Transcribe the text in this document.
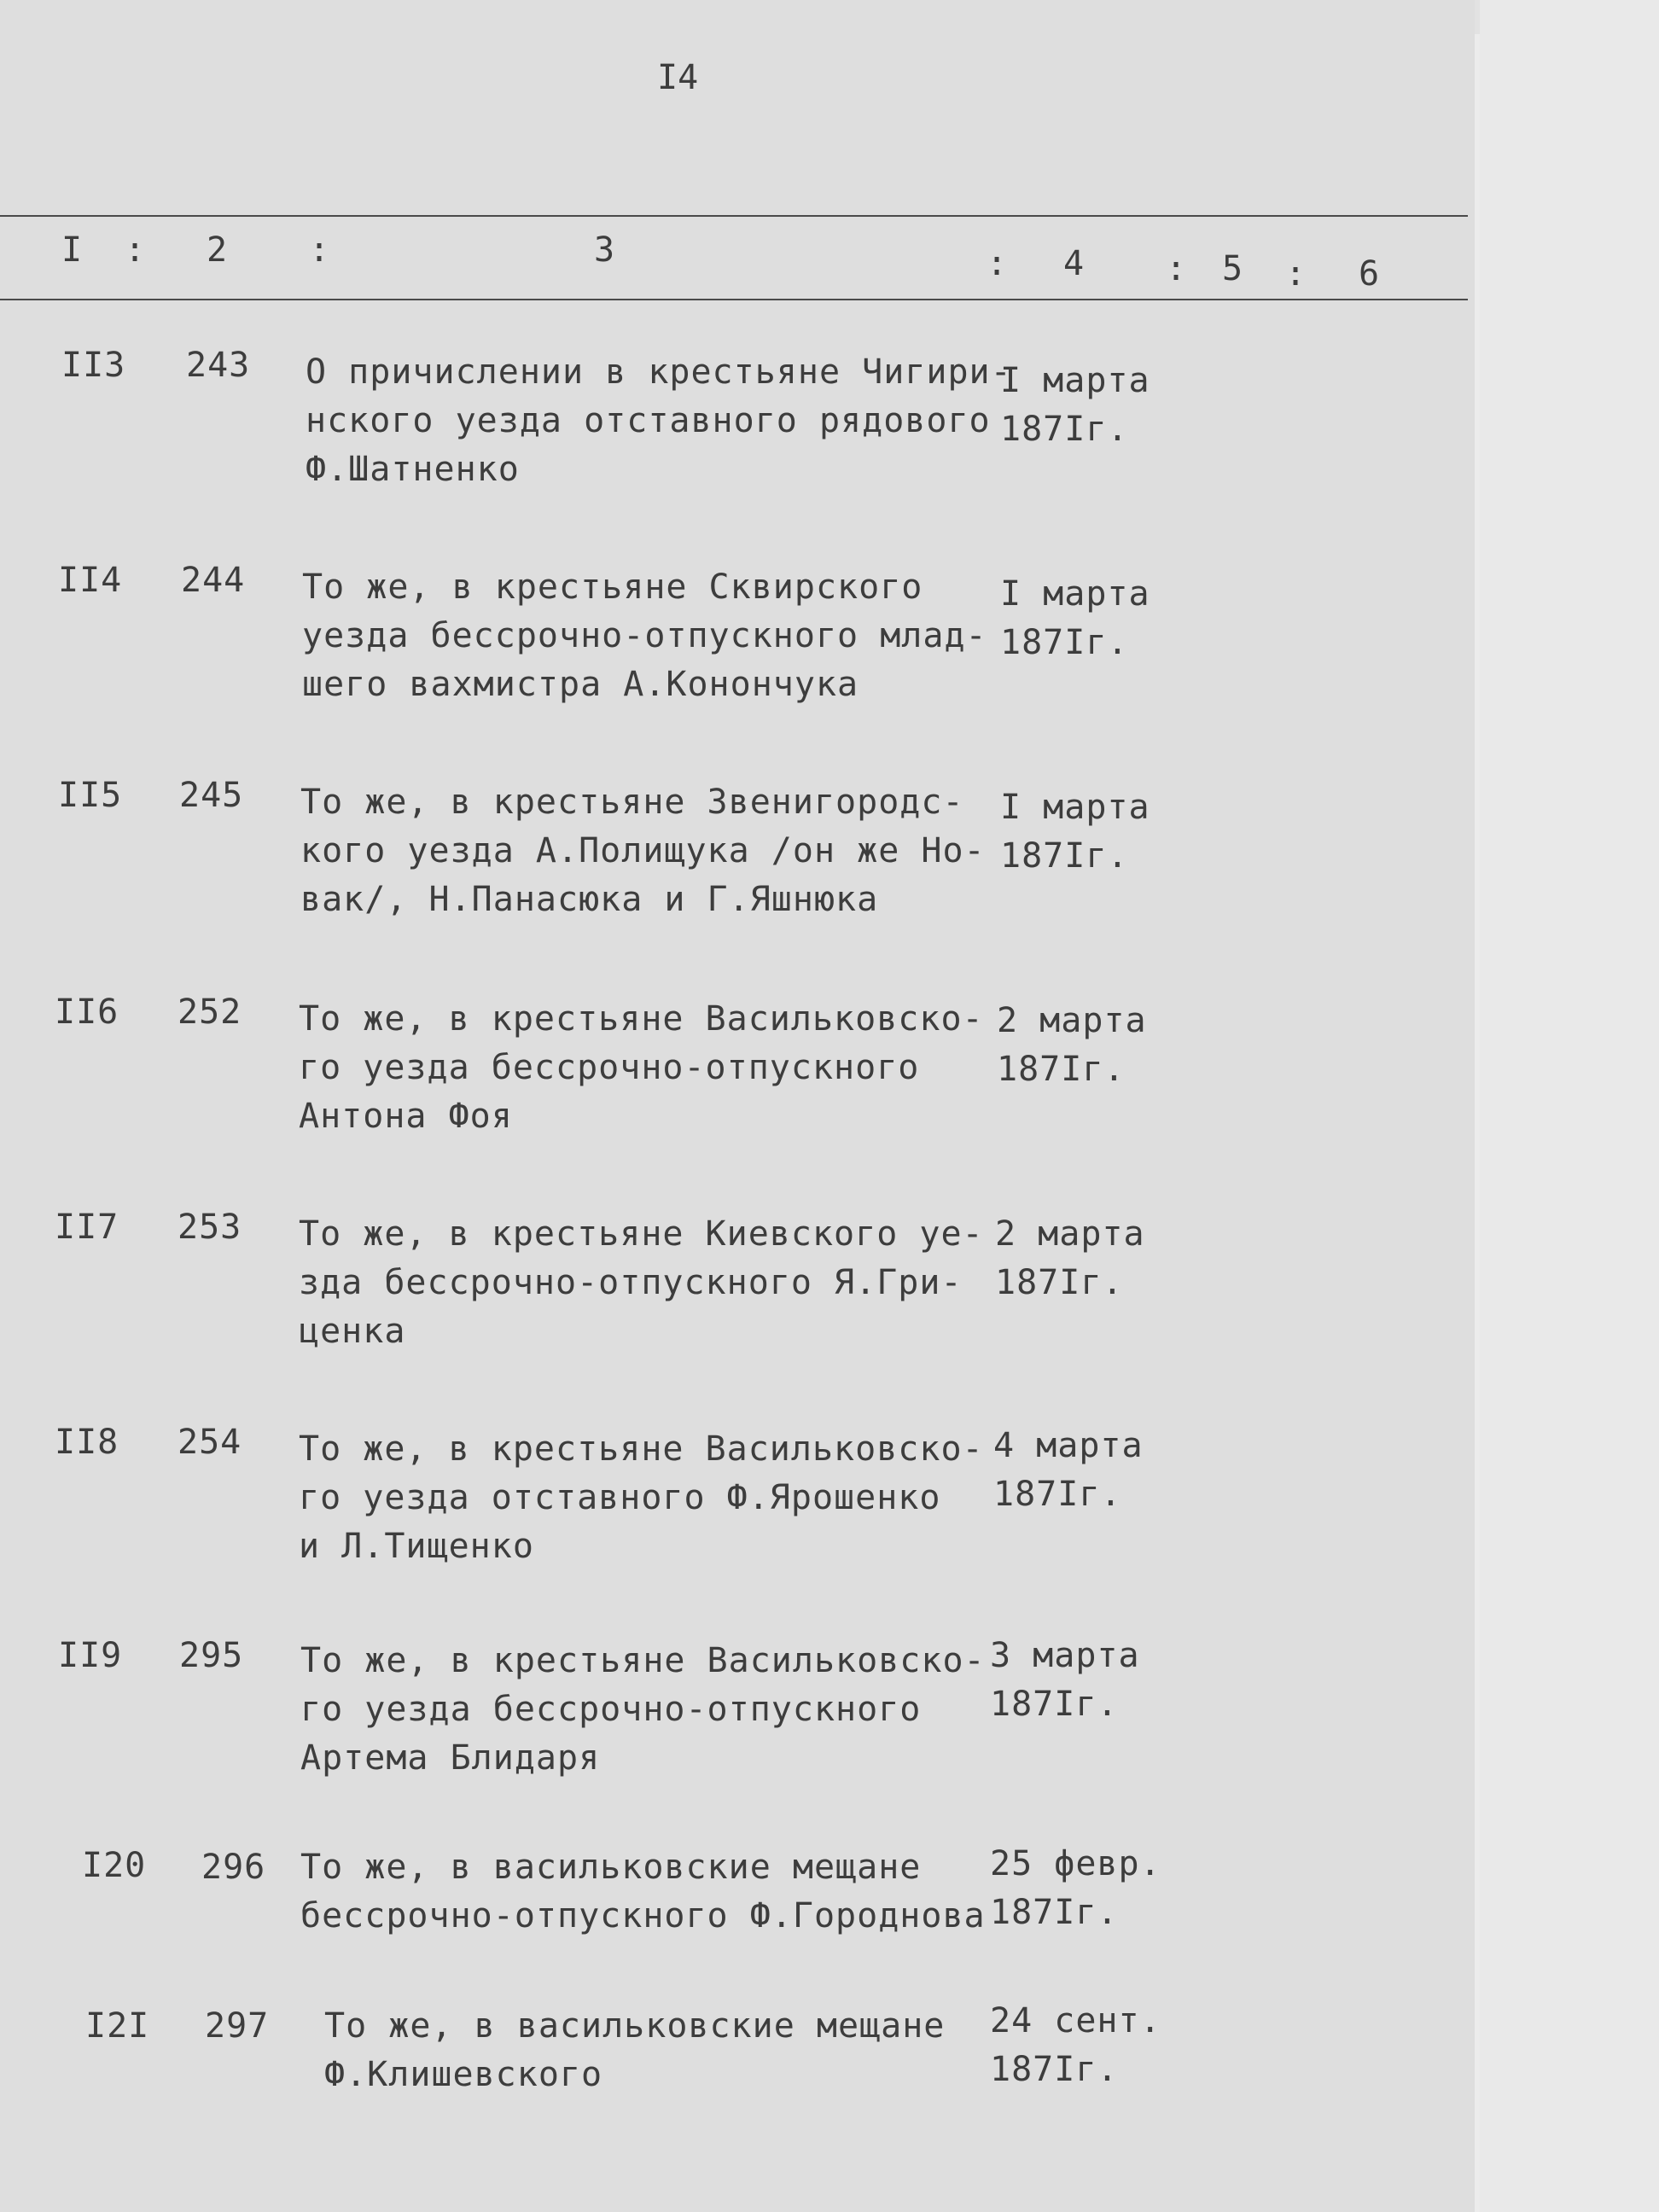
I4
I : 2 :	3	: 4 : 5 : 6
II3 243 О причислении в крестьяне Чигири-
нского уезда отставного рядового
Ф.Шатненко
I марта
187Iг.
II4 244 То же, в крестьяне Сквирского
уезда бессрочно-отпускного млад-
шего вахмистра А.Конончука
I марта
187Iг.
II5 245 То же, в крестьяне Звенигородс-
кого уезда А.Полищука /он же Но-
вак/, Н.Панасюка и Г.Яшнюка
I марта
187Iг.
II6 252 То же, в крестьяне Васильковско-
го уезда бессрочно-отпускного
Антона Фоя
2 марта
187Iг.
II7 253 То же, в крестьяне Киевского уе-
зда бессрочно-отпускного Я.Гри-
ценка
2 марта
187Iг.
II8 254 То же, в крестьяне Васильковско-
го уезда отставного Ф.Ярошенко
и Л.Тищенко
4 марта
187Iг.
II9 295 То же, в крестьяне Васильковско-
го уезда бессрочно-отпускного
Артема Блидаря
3 марта
187Iг.
I20 296 То же, в васильковские мещане
бессрочно-отпускного Ф.Городнова
25 февр.
187Iг.
I2I 297 То же, в васильковские мещане
Ф.Клишевского
24 сент.
187Iг.
